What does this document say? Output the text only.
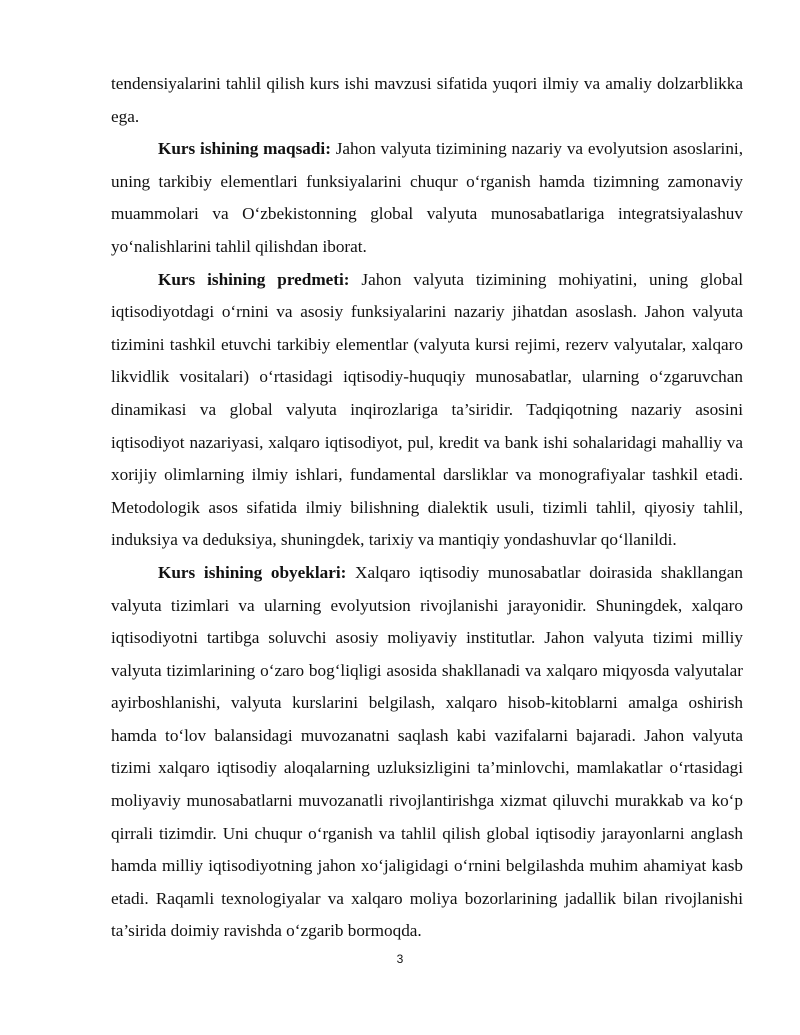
tendensiyalarini tahlil qilish kurs ishi mavzusi sifatida yuqori ilmiy va amaliy dolzarblikka ega.

Kurs ishining maqsadi: Jahon valyuta tizimining nazariy va evolyutsion asoslarini, uning tarkibiy elementlari funksiyalarini chuqur o‘rganish hamda tizimning zamonaviy muammolari va O‘zbekistonning global valyuta munosabatlariga integratsiyalashuv yo‘nalishlarini tahlil qilishdan iborat.

Kurs ishining predmeti: Jahon valyuta tizimining mohiyatini, uning global iqtisodiyotdagi o‘rnini va asosiy funksiyalarini nazariy jihatdan asoslash. Jahon valyuta tizimini tashkil etuvchi tarkibiy elementlar (valyuta kursi rejimi, rezerv valyutalar, xalqaro likvidlik vositalari) o‘rtasidagi iqtisodiy-huquqiy munosabatlar, ularning o‘zgaruvchan dinamikasi va global valyuta inqirozlariga ta’siridir. Tadqiqotning nazariy asosini iqtisodiyot nazariyasi, xalqaro iqtisodiyot, pul, kredit va bank ishi sohalaridagi mahalliy va xorijiy olimlarning ilmiy ishlari, fundamental darsliklar va monografiyalar tashkil etadi. Metodologik asos sifatida ilmiy bilishning dialektik usuli, tizimli tahlil, qiyosiy tahlil, induksiya va deduksiya, shuningdek, tarixiy va mantiqiy yondashuvlar qo‘llanildi.

Kurs ishining obyeklari: Xalqaro iqtisodiy munosabatlar doirasida shakllangan valyuta tizimlari va ularning evolyutsion rivojlanishi jarayonidir. Shuningdek, xalqaro iqtisodiyotni tartibga soluvchi asosiy moliyaviy institutlar. Jahon valyuta tizimi milliy valyuta tizimlarining o‘zaro bog‘liqligi asosida shakllanadi va xalqaro miqyosda valyutalar ayirboshlanishi, valyuta kurslarini belgilash, xalqaro hisob-kitoblarni amalga oshirish hamda to‘lov balansidagi muvozanatni saqlash kabi vazifalarni bajaradi. Jahon valyuta tizimi xalqaro iqtisodiy aloqalarning uzluksizligini ta’minlovchi, mamlakatlar o‘rtasidagi moliyaviy munosabatlarni muvozanatli rivojlantirishga xizmat qiluvchi murakkab va ko‘p qirrali tizimdir. Uni chuqur o‘rganish va tahlil qilish global iqtisodiy jarayonlarni anglash hamda milliy iqtisodiyotning jahon xo‘jaligidagi o‘rnini belgilashda muhim ahamiyat kasb etadi. Raqamli texnologiyalar va xalqaro moliya bozorlarining jadallik bilan rivojlanishi ta’sirida doimiy ravishda o‘zgarib bormoqda.

3
